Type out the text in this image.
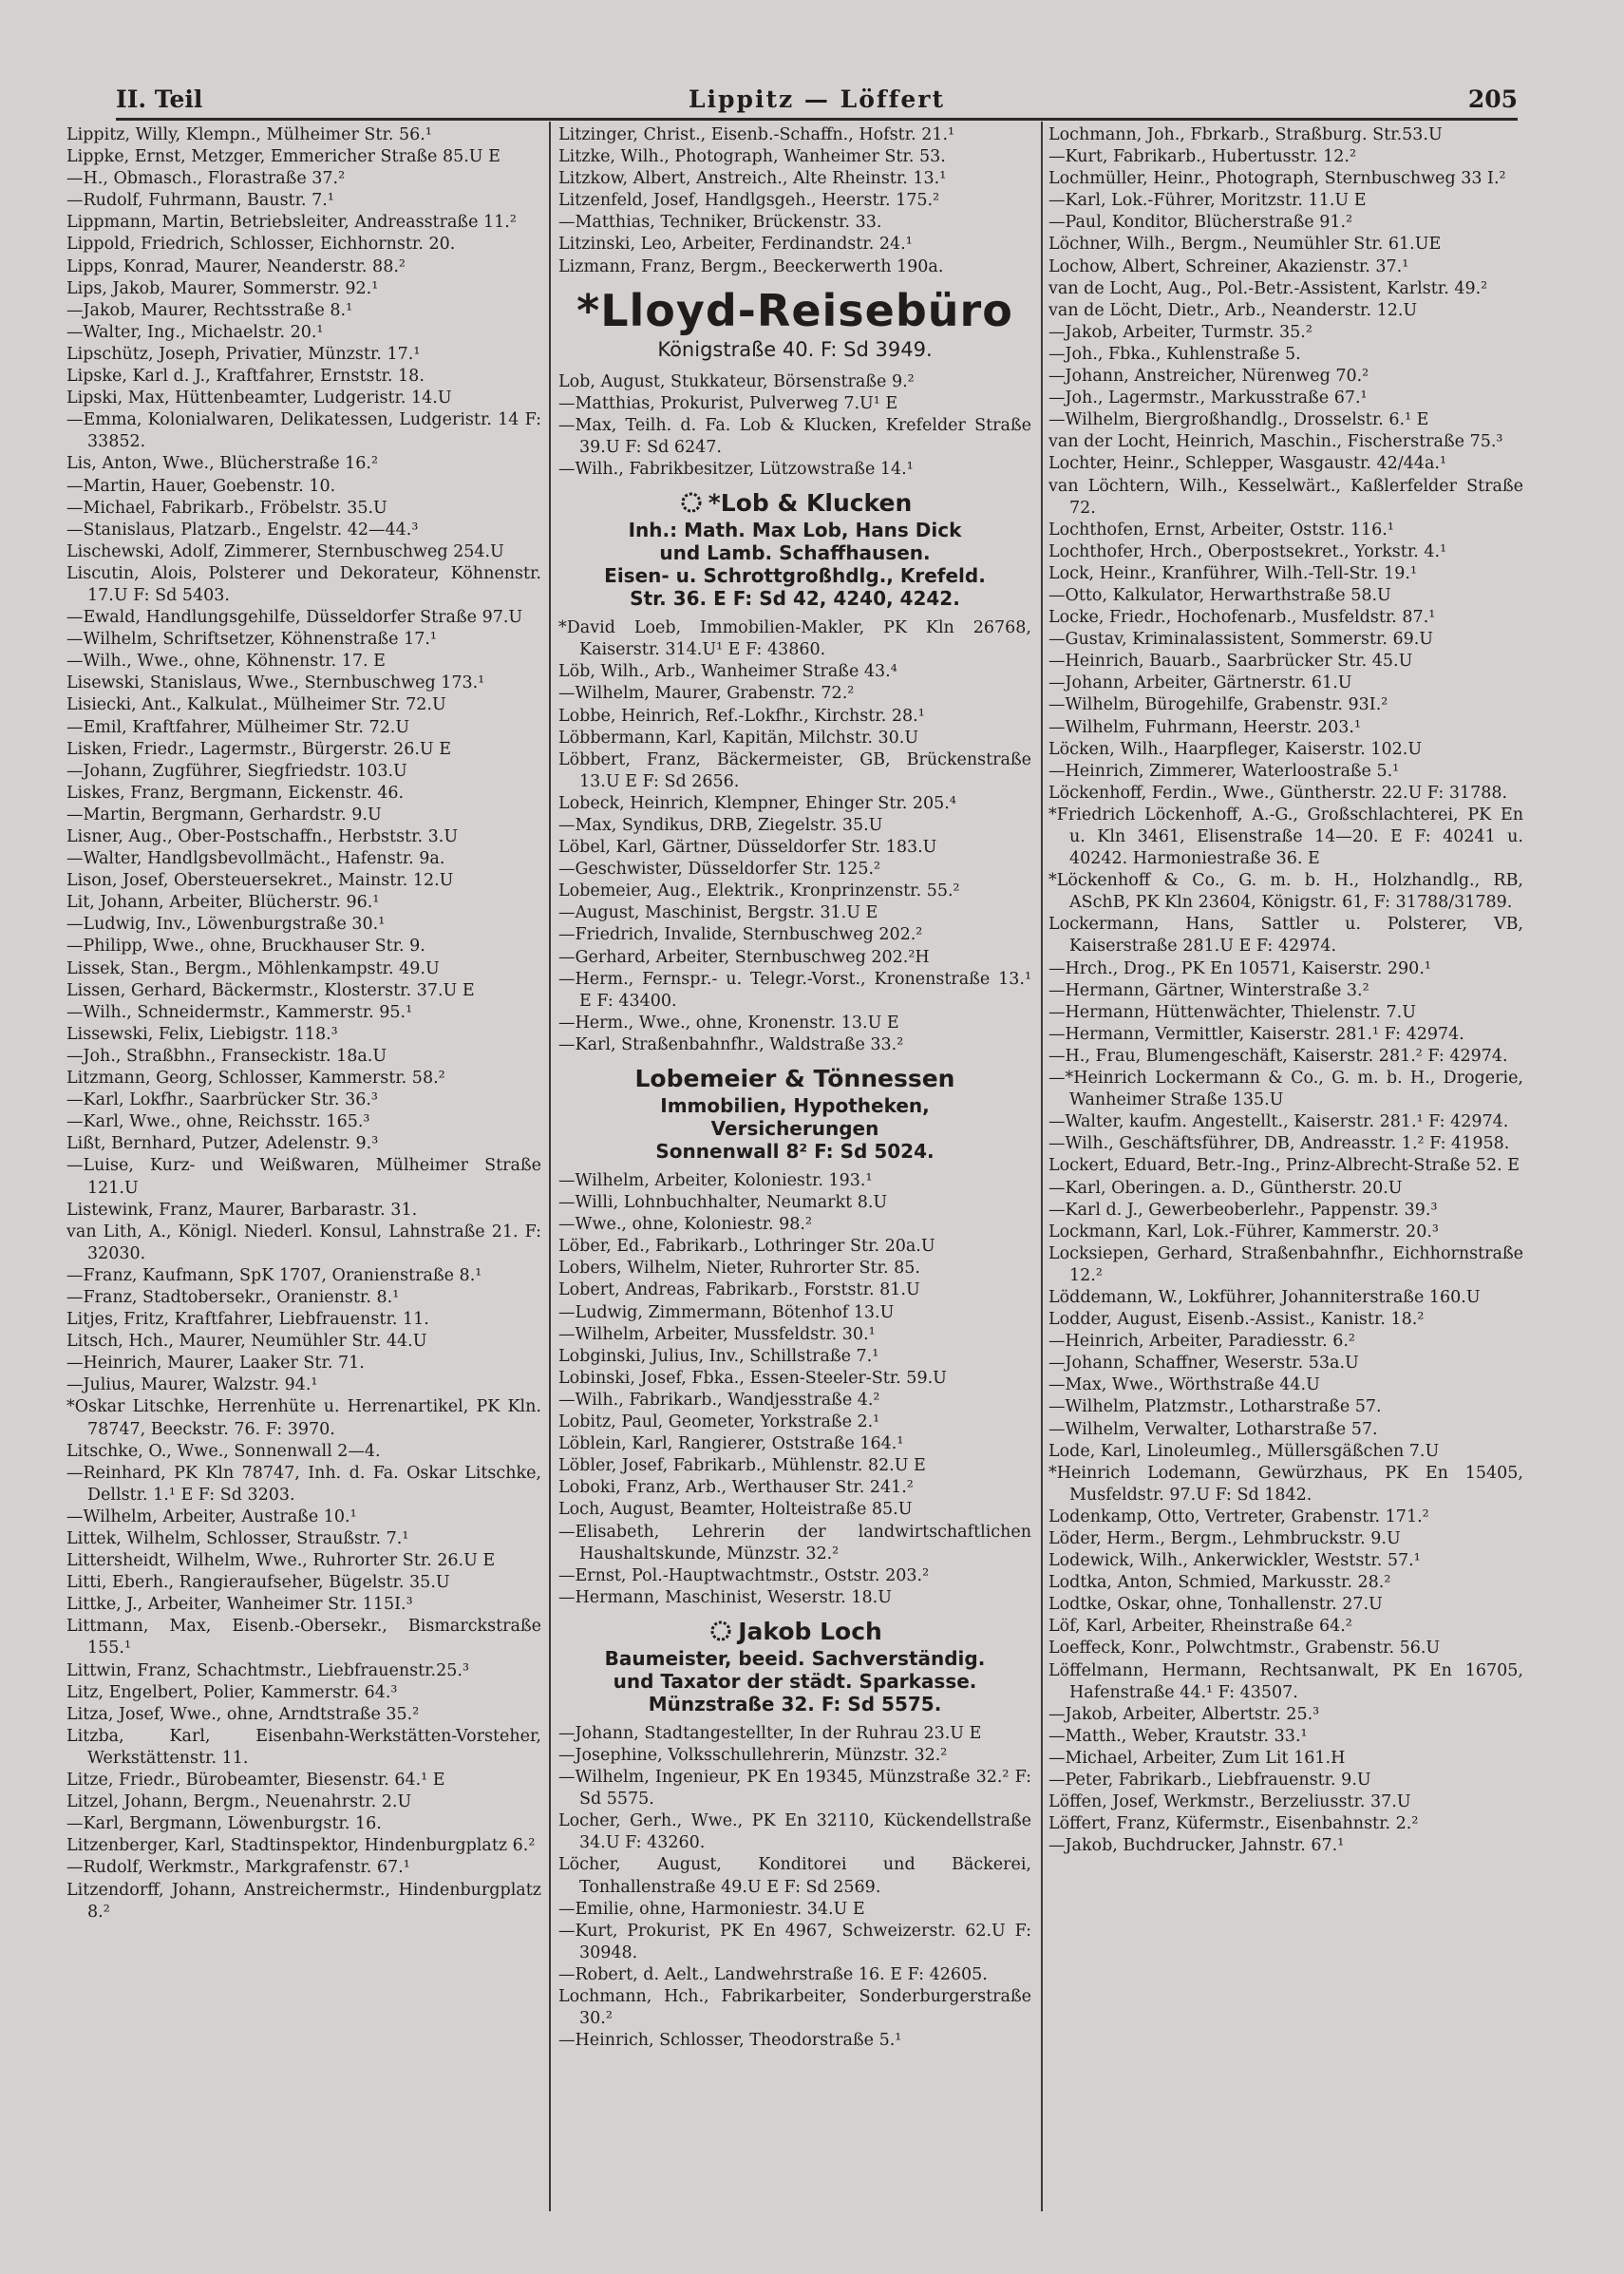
II. Teil	Lippitz — Löffert	205

Lippitz, Willy, Klempn., Mülheimer Str. 56.¹

Lippke, Ernst, Metzger, Emmericher Straße 85.U E

—H., Obmasch., Florastraße 37.²

—Rudolf, Fuhrmann, Baustr. 7.¹

Lippmann, Martin, Betriebsleiter, Andreasstraße 11.²

Lippold, Friedrich, Schlosser, Eichhornstr. 20.

Lipps, Konrad, Maurer, Neanderstr. 88.²

Lips, Jakob, Maurer, Sommerstr. 92.¹

—Jakob, Maurer, Rechtsstraße 8.¹

—Walter, Ing., Michaelstr. 20.¹

Lipschütz, Joseph, Privatier, Münzstr. 17.¹

Lipske, Karl d. J., Kraftfahrer, Ernststr. 18.

Lipski, Max, Hüttenbeamter, Ludgeristr. 14.U

—Emma, Kolonialwaren, Delikatessen, Ludgeristr. 14 F: 33852.

Lis, Anton, Wwe., Blücherstraße 16.²

—Martin, Hauer, Goebenstr. 10.

—Michael, Fabrikarb., Fröbelstr. 35.U

—Stanislaus, Platzarb., Engelstr. 42—44.³

Lischewski, Adolf, Zimmerer, Sternbuschweg 254.U

Liscutin, Alois, Polsterer und Dekorateur, Köhnenstr. 17.U F: Sd 5403.

—Ewald, Handlungsgehilfe, Düsseldorfer Straße 97.U

—Wilhelm, Schriftsetzer, Köhnenstraße 17.¹

—Wilh., Wwe., ohne, Köhnenstr. 17. E

Lisewski, Stanislaus, Wwe., Sternbuschweg 173.¹

Lisiecki, Ant., Kalkulat., Mülheimer Str. 72.U

—Emil, Kraftfahrer, Mülheimer Str. 72.U

Lisken, Friedr., Lagermstr., Bürgerstr. 26.U E

—Johann, Zugführer, Siegfriedstr. 103.U

Liskes, Franz, Bergmann, Eickenstr. 46.

—Martin, Bergmann, Gerhardstr. 9.U

Lisner, Aug., Ober-Postschaffn., Herbststr. 3.U

—Walter, Handlgsbevollmächt., Hafenstr. 9a.

Lison, Josef, Obersteuersekret., Mainstr. 12.U

Lit, Johann, Arbeiter, Blücherstr. 96.¹

—Ludwig, Inv., Löwenburgstraße 30.¹

—Philipp, Wwe., ohne, Bruckhauser Str. 9.

Lissek, Stan., Bergm., Möhlenkampstr. 49.U

Lissen, Gerhard, Bäckermstr., Klosterstr. 37.U E

—Wilh., Schneidermstr., Kammerstr. 95.¹

Lissewski, Felix, Liebigstr. 118.³

—Joh., Straßbhn., Franseckistr. 18a.U

Litzmann, Georg, Schlosser, Kammerstr. 58.²

—Karl, Lokfhr., Saarbrücker Str. 36.³

—Karl, Wwe., ohne, Reichsstr. 165.³

Lißt, Bernhard, Putzer, Adelenstr. 9.³

—Luise, Kurz- und Weißwaren, Mülheimer Straße 121.U

Listewink, Franz, Maurer, Barbarastr. 31.

van Lith, A., Königl. Niederl. Konsul, Lahnstraße 21. F: 32030.

—Franz, Kaufmann, SpK 1707, Oranienstraße 8.¹

—Franz, Stadtobersekr., Oranienstr. 8.¹

Litjes, Fritz, Kraftfahrer, Liebfrauenstr. 11.

Litsch, Hch., Maurer, Neumühler Str. 44.U

—Heinrich, Maurer, Laaker Str. 71.

—Julius, Maurer, Walzstr. 94.¹

*Oskar Litschke, Herrenhüte u. Herrenartikel, PK Kln. 78747, Beeckstr. 76. F: 3970.

Litschke, O., Wwe., Sonnenwall 2—4.

—Reinhard, PK Kln 78747, Inh. d. Fa. Oskar Litschke, Dellstr. 1.¹ E F: Sd 3203.

—Wilhelm, Arbeiter, Austraße 10.¹

Littek, Wilhelm, Schlosser, Straußstr. 7.¹

Littersheidt, Wilhelm, Wwe., Ruhrorter Str. 26.U E

Litti, Eberh., Rangieraufseher, Bügelstr. 35.U

Littke, J., Arbeiter, Wanheimer Str. 115I.³

Littmann, Max, Eisenb.-Obersekr., Bismarckstraße 155.¹

Littwin, Franz, Schachtmstr., Liebfrauenstr.25.³

Litz, Engelbert, Polier, Kammerstr. 64.³

Litza, Josef, Wwe., ohne, Arndtstraße 35.²

Litzba, Karl, Eisenbahn-Werkstätten-Vorsteher, Werkstättenstr. 11.

Litze, Friedr., Bürobeamter, Biesenstr. 64.¹ E

Litzel, Johann, Bergm., Neuenahrstr. 2.U

—Karl, Bergmann, Löwenburgstr. 16.

Litzenberger, Karl, Stadtinspektor, Hindenburgplatz 6.²

—Rudolf, Werkmstr., Markgrafenstr. 67.¹

Litzendorff, Johann, Anstreichermstr., Hindenburgplatz 8.²

Litzinger, Christ., Eisenb.-Schaffn., Hofstr. 21.¹

Litzke, Wilh., Photograph, Wanheimer Str. 53.

Litzkow, Albert, Anstreich., Alte Rheinstr. 13.¹

Litzenfeld, Josef, Handlgsgeh., Heerstr. 175.²

—Matthias, Techniker, Brückenstr. 33.

Litzinski, Leo, Arbeiter, Ferdinandstr. 24.¹

Lizmann, Franz, Bergm., Beeckerwerth 190a.

*Lloyd-Reisebüro
Königstraße 40. F: Sd 3949.

Lob, August, Stukkateur, Börsenstraße 9.²

—Matthias, Prokurist, Pulverweg 7.U¹ E

—Max, Teilh. d. Fa. Lob & Klucken, Krefelder Straße 39.U F: Sd 6247.

—Wilh., Fabrikbesitzer, Lützowstraße 14.¹

*Lob & Klucken
Inh.: Math. Max Lob, Hans Dick
und Lamb. Schaffhausen.
Eisen- u. Schrottgroßhdlg., Krefeld.
Str. 36. E F: Sd 42, 4240, 4242.

*David Loeb, Immobilien-Makler, PK Kln 26768, Kaiserstr. 314.U¹ E F: 43860.

Löb, Wilh., Arb., Wanheimer Straße 43.⁴

—Wilhelm, Maurer, Grabenstr. 72.²

Lobbe, Heinrich, Ref.-Lokfhr., Kirchstr. 28.¹

Löbbermann, Karl, Kapitän, Milchstr. 30.U

Löbbert, Franz, Bäckermeister, GB, Brückenstraße 13.U E F: Sd 2656.

Lobeck, Heinrich, Klempner, Ehinger Str. 205.⁴

—Max, Syndikus, DRB, Ziegelstr. 35.U

Löbel, Karl, Gärtner, Düsseldorfer Str. 183.U

—Geschwister, Düsseldorfer Str. 125.²

Lobemeier, Aug., Elektrik., Kronprinzenstr. 55.²

—August, Maschinist, Bergstr. 31.U E

—Friedrich, Invalide, Sternbuschweg 202.²

—Gerhard, Arbeiter, Sternbuschweg 202.²H

—Herm., Fernspr.- u. Telegr.-Vorst., Kronenstraße 13.¹ E F: 43400.

—Herm., Wwe., ohne, Kronenstr. 13.U E

—Karl, Straßenbahnfhr., Waldstraße 33.²

Lobemeier & Tönnessen
Immobilien, Hypotheken,
Versicherungen
Sonnenwall 8² F: Sd 5024.

—Wilhelm, Arbeiter, Koloniestr. 193.¹

—Willi, Lohnbuchhalter, Neumarkt 8.U

—Wwe., ohne, Koloniestr. 98.²

Löber, Ed., Fabrikarb., Lothringer Str. 20a.U

Lobers, Wilhelm, Nieter, Ruhrorter Str. 85.

Lobert, Andreas, Fabrikarb., Forststr. 81.U

—Ludwig, Zimmermann, Bötenhof 13.U

—Wilhelm, Arbeiter, Mussfeldstr. 30.¹

Lobginski, Julius, Inv., Schillstraße 7.¹

Lobinski, Josef, Fbka., Essen-Steeler-Str. 59.U

—Wilh., Fabrikarb., Wandjesstraße 4.²

Lobitz, Paul, Geometer, Yorkstraße 2.¹

Löblein, Karl, Rangierer, Oststraße 164.¹

Löbler, Josef, Fabrikarb., Mühlenstr. 82.U E

Loboki, Franz, Arb., Werthauser Str. 241.²

Loch, August, Beamter, Holteistraße 85.U

—Elisabeth, Lehrerin der landwirtschaftlichen Haushaltskunde, Münzstr. 32.²

—Ernst, Pol.-Hauptwachtmstr., Oststr. 203.²

—Hermann, Maschinist, Weserstr. 18.U

Jakob Loch
Baumeister, beeid. Sachverständig.
und Taxator der städt. Sparkasse.
Münzstraße 32. F: Sd 5575.

—Johann, Stadtangestellter, In der Ruhrau 23.U E

—Josephine, Volksschullehrerin, Münzstr. 32.²

—Wilhelm, Ingenieur, PK En 19345, Münzstraße 32.² F: Sd 5575.

Locher, Gerh., Wwe., PK En 32110, Kückendellstraße 34.U F: 43260.

Löcher, August, Konditorei und Bäckerei, Tonhallenstraße 49.U E F: Sd 2569.

—Emilie, ohne, Harmoniestr. 34.U E

—Kurt, Prokurist, PK En 4967, Schweizerstr. 62.U F: 30948.

—Robert, d. Aelt., Landwehrstraße 16. E F: 42605.

Lochmann, Hch., Fabrikarbeiter, Sonderburgerstraße 30.²

—Heinrich, Schlosser, Theodorstraße 5.¹

Lochmann, Joh., Fbrkarb., Straßburg. Str.53.U

—Kurt, Fabrikarb., Hubertusstr. 12.²

Lochmüller, Heinr., Photograph, Sternbuschweg 33 I.²

—Karl, Lok.-Führer, Moritzstr. 11.U E

—Paul, Konditor, Blücherstraße 91.²

Löchner, Wilh., Bergm., Neumühler Str. 61.UE

Lochow, Albert, Schreiner, Akazienstr. 37.¹

van de Locht, Aug., Pol.-Betr.-Assistent, Karlstr. 49.²

van de Löcht, Dietr., Arb., Neanderstr. 12.U

—Jakob, Arbeiter, Turmstr. 35.²

—Joh., Fbka., Kuhlenstraße 5.

—Johann, Anstreicher, Nürenweg 70.²

—Joh., Lagermstr., Markusstraße 67.¹

—Wilhelm, Biergroßhandlg., Drosselstr. 6.¹ E

van der Locht, Heinrich, Maschin., Fischerstraße 75.³

Lochter, Heinr., Schlepper, Wasgaustr. 42/44a.¹

van Löchtern, Wilh., Kesselwärt., Kaßlerfelder Straße 72.

Lochthofen, Ernst, Arbeiter, Oststr. 116.¹

Lochthofer, Hrch., Oberpostsekret., Yorkstr. 4.¹

Lock, Heinr., Kranführer, Wilh.-Tell-Str. 19.¹

—Otto, Kalkulator, Herwarthstraße 58.U

Locke, Friedr., Hochofenarb., Musfeldstr. 87.¹

—Gustav, Kriminalassistent, Sommerstr. 69.U

—Heinrich, Bauarb., Saarbrücker Str. 45.U

—Johann, Arbeiter, Gärtnerstr. 61.U

—Wilhelm, Bürogehilfe, Grabenstr. 93I.²

—Wilhelm, Fuhrmann, Heerstr. 203.¹

Löcken, Wilh., Haarpfleger, Kaiserstr. 102.U

—Heinrich, Zimmerer, Waterloostraße 5.¹

Löckenhoff, Ferdin., Wwe., Güntherstr. 22.U F: 31788.

*Friedrich Löckenhoff, A.-G., Großschlachterei, PK En u. Kln 3461, Elisenstraße 14—20. E F: 40241 u. 40242. Harmoniestraße 36. E

*Löckenhoff & Co., G. m. b. H., Holzhandlg., RB, ASchB, PK Kln 23604, Königstr. 61, F: 31788/31789.

Lockermann, Hans, Sattler u. Polsterer, VB, Kaiserstraße 281.U E F: 42974.

—Hrch., Drog., PK En 10571, Kaiserstr. 290.¹

—Hermann, Gärtner, Winterstraße 3.²

—Hermann, Hüttenwächter, Thielenstr. 7.U

—Hermann, Vermittler, Kaiserstr. 281.¹ F: 42974.

—H., Frau, Blumengeschäft, Kaiserstr. 281.² F: 42974.

—*Heinrich Lockermann & Co., G. m. b. H., Drogerie, Wanheimer Straße 135.U

—Walter, kaufm. Angestellt., Kaiserstr. 281.¹ F: 42974.

—Wilh., Geschäftsführer, DB, Andreasstr. 1.² F: 41958.

Lockert, Eduard, Betr.-Ing., Prinz-Albrecht-Straße 52. E

—Karl, Oberingen. a. D., Güntherstr. 20.U

—Karl d. J., Gewerbeoberlehr., Pappenstr. 39.³

Lockmann, Karl, Lok.-Führer, Kammerstr. 20.³

Locksiepen, Gerhard, Straßenbahnfhr., Eichhornstraße 12.²

Löddemann, W., Lokführer, Johanniterstraße 160.U

Lodder, August, Eisenb.-Assist., Kanistr. 18.²

—Heinrich, Arbeiter, Paradiesstr. 6.²

—Johann, Schaffner, Weserstr. 53a.U

—Max, Wwe., Wörthstraße 44.U

—Wilhelm, Platzmstr., Lotharstraße 57.

—Wilhelm, Verwalter, Lotharstraße 57.

Lode, Karl, Linoleumleg., Müllersgäßchen 7.U

*Heinrich Lodemann, Gewürzhaus, PK En 15405, Musfeldstr. 97.U F: Sd 1842.

Lodenkamp, Otto, Vertreter, Grabenstr. 171.²

Löder, Herm., Bergm., Lehmbruckstr. 9.U

Lodewick, Wilh., Ankerwickler, Weststr. 57.¹

Lodtka, Anton, Schmied, Markusstr. 28.²

Lodtke, Oskar, ohne, Tonhallenstr. 27.U

Löf, Karl, Arbeiter, Rheinstraße 64.²

Loeffeck, Konr., Polwchtmstr., Grabenstr. 56.U

Löffelmann, Hermann, Rechtsanwalt, PK En 16705, Hafenstraße 44.¹ F: 43507.

—Jakob, Arbeiter, Albertstr. 25.³

—Matth., Weber, Krautstr. 33.¹

—Michael, Arbeiter, Zum Lit 161.H

—Peter, Fabrikarb., Liebfrauenstr. 9.U

Löffen, Josef, Werkmstr., Berzeliusstr. 37.U

Löffert, Franz, Küfermstr., Eisenbahnstr. 2.²

—Jakob, Buchdrucker, Jahnstr. 67.¹
